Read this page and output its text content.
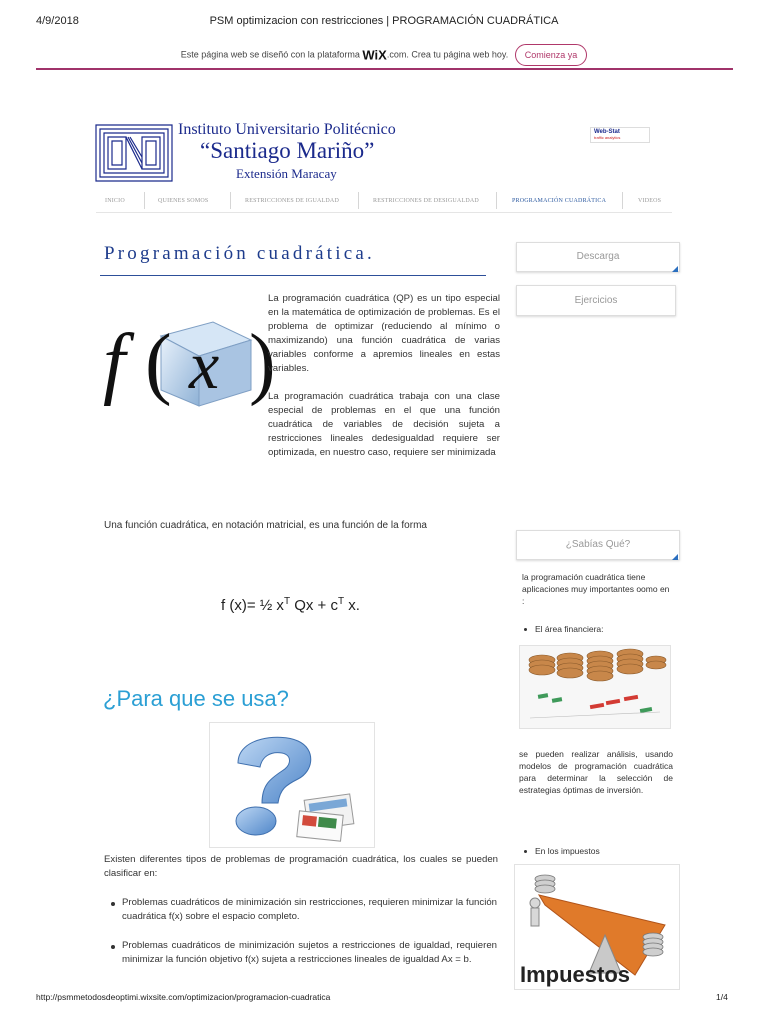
4/9/2018	PSM optimizacion con restricciones | PROGRAMACIÓN CUADRÁTICA
Este página web se diseñó con la plataforma WiX.com. Crea tu página web hoy. Comienza ya
Instituto Universitario Politécnico
“Santiago Mariño”
Extensión Maracay
Web-Stat
traffic analytics
INICIO	QUIENES SOMOS	RESTRICCIONES DE IGUALDAD	RESTRICCIONES DE DESIGUALDAD	PROGRAMACIÓN CUADRÁTICA	VIDEOS
Programación cuadrática.
f ( x )
La programación cuadrática (QP) es un tipo especial en la matemática de optimización de problemas. Es el problema de optimizar (reduciendo al mínimo o maximizando) una función cuadrática de varias variables conforme a apremios lineales en estas variables.
La programación cuadrática trabaja con una clase especial de problemas en el que una función cuadrática de variables de decisión sujeta a restricciones lineales dedesigualdad requiere ser optimizada, en nuestro caso, requiere ser minimizada
Una función cuadrática, en notación matricial, es una función de la forma
f (x)= ½ $x^T$ $Qx + c^T$ x.
¿Para que se usa?
Existen diferentes tipos de problemas de programación cuadrática, los cuales se pueden clasificar en:
Problemas cuadráticos de minimización sin restricciones, requieren minimizar la función cuadrática f(x) sobre el espacio completo.
Problemas cuadráticos de minimización sujetos a restricciones de igualdad, requieren minimizar la función objetivo f(x) sujeta a restricciones lineales de igualdad Ax = b.
Descarga
Ejercicios
¿Sabías Qué?
la programación cuadrática tiene aplicaciones muy importantes oomo en :
El área financiera:
se pueden realizar análisis, usando modelos de programación cuadrática para determinar la selección de estrategias óptimas de inversión.
En los impuestos
Impuestos
http://psmmetodosdeoptimi.wixsite.com/optimizacion/programacion-cuadratica	1/4
